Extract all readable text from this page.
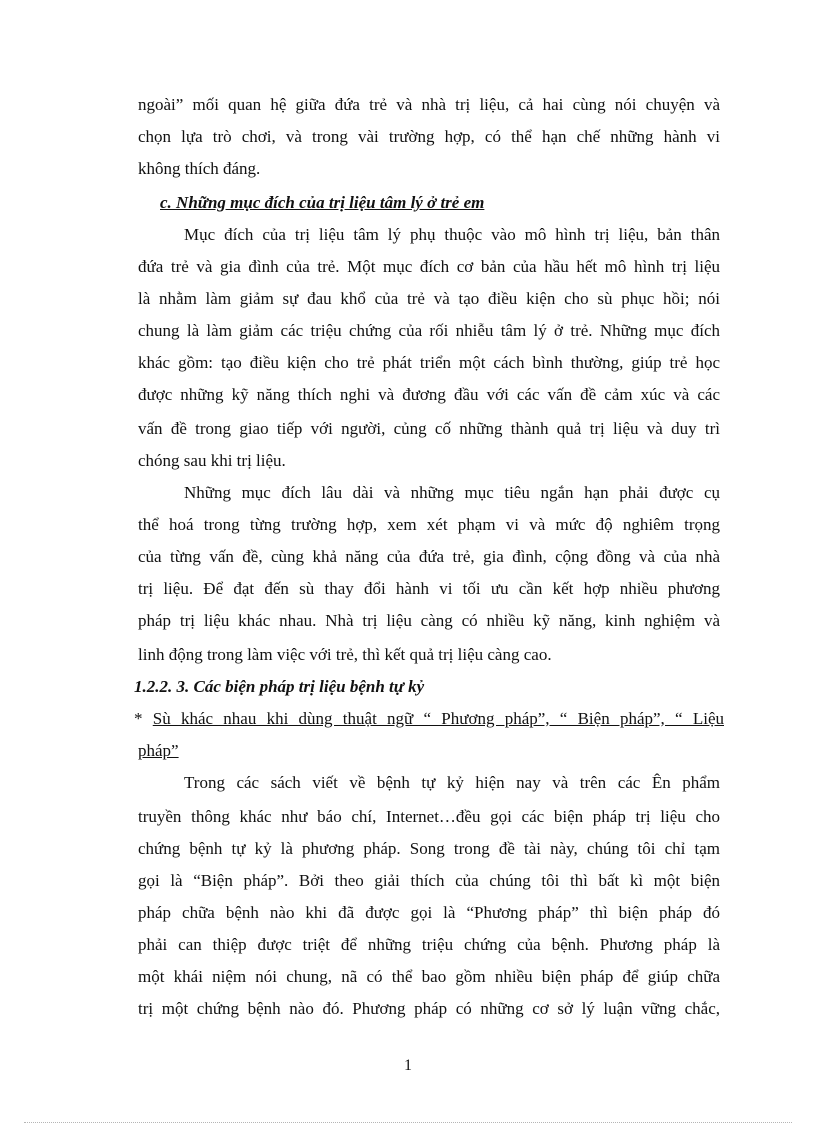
ngoài” mối quan hệ giữa đứa trẻ và nhà trị liệu, cả hai cùng nói chuyện và
chọn lựa trò chơi, và trong vài trường hợp, có thể hạn chế những hành vi
không thích đáng.
c. Những mục đích của trị liệu tâm lý ở trẻ em
Mục đích của trị liệu tâm lý phụ thuộc vào mô hình trị liệu, bản thân
đứa trẻ và gia đình của trẻ. Một mục đích cơ bản của hầu hết mô hình trị liệu
là nhằm làm giảm sự đau khổ của trẻ và tạo điều kiện cho sù phục hồi; nói
chung là làm giảm các triệu chứng của rối nhiễu tâm lý ở trẻ. Những mục đích
khác gồm: tạo điều kiện cho trẻ phát triển một cách bình thường, giúp trẻ học
được những kỹ năng thích nghi và đương đầu với các vấn đề cảm xúc và các
vấn đề trong giao tiếp với người, củng cố những thành quả trị liệu và duy trì
chóng sau khi trị liệu.
Những mục đích lâu dài và những mục tiêu ngắn hạn phải được cụ
thể hoá trong từng trường hợp, xem xét phạm vi và mức độ nghiêm trọng
của từng vấn đề, cùng khả năng của đứa trẻ, gia đình, cộng đồng và của nhà
trị liệu. Để đạt đến sù thay đổi hành vi tối ưu cần kết hợp nhiều phương
pháp trị liệu khác nhau. Nhà trị liệu càng có nhiều kỹ năng, kinh nghiệm và
linh động trong làm việc với trẻ, thì kết quả trị liệu càng cao.
1.2.2. 3. Các biện pháp trị liệu bệnh tự kỷ
* Sù khác nhau khi dùng thuật ngữ “ Phương pháp”, “ Biện pháp”, “ Liệu
pháp”
Trong các sách viết về bệnh tự kỷ hiện nay và trên các Ên phẩm
truyền thông khác như báo chí, Internet…đều gọi các biện pháp trị liệu cho
chứng bệnh tự kỷ là phương pháp. Song trong đề tài này, chúng tôi chỉ tạm
gọi là “Biện pháp”. Bởi theo giải thích của chúng tôi thì bất kì một biện
pháp chữa bệnh nào khi đã được gọi là “Phương pháp” thì biện pháp đó
phải can thiệp được triệt để những triệu chứng của bệnh. Phương pháp là
một khái niệm nói chung, nã có thể bao gồm nhiều biện pháp để giúp chữa
trị một chứng bệnh nào đó. Phương pháp có những cơ sở lý luận vững chắc,
1
